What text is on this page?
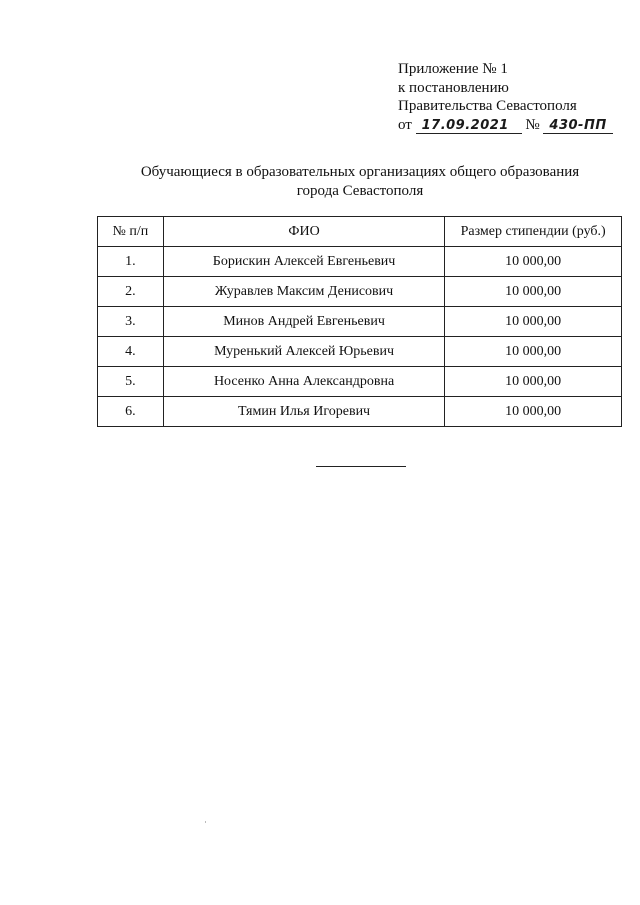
Приложение № 1
к постановлению
Правительства Севастополя
от 17.09.2021 № 430-ПП
Обучающиеся в образовательных организациях общего образования
города Севастополя
№ п/п	ФИО	Размер стипендии (руб.)
1.	Борискин Алексей Евгеньевич	10 000,00
2.	Журавлев Максим Денисович	10 000,00
3.	Минов Андрей Евгеньевич	10 000,00
4.	Муренький Алексей Юрьевич	10 000,00
5.	Носенко Анна Александровна	10 000,00
6.	Тямин Илья Игоревич	10 000,00
